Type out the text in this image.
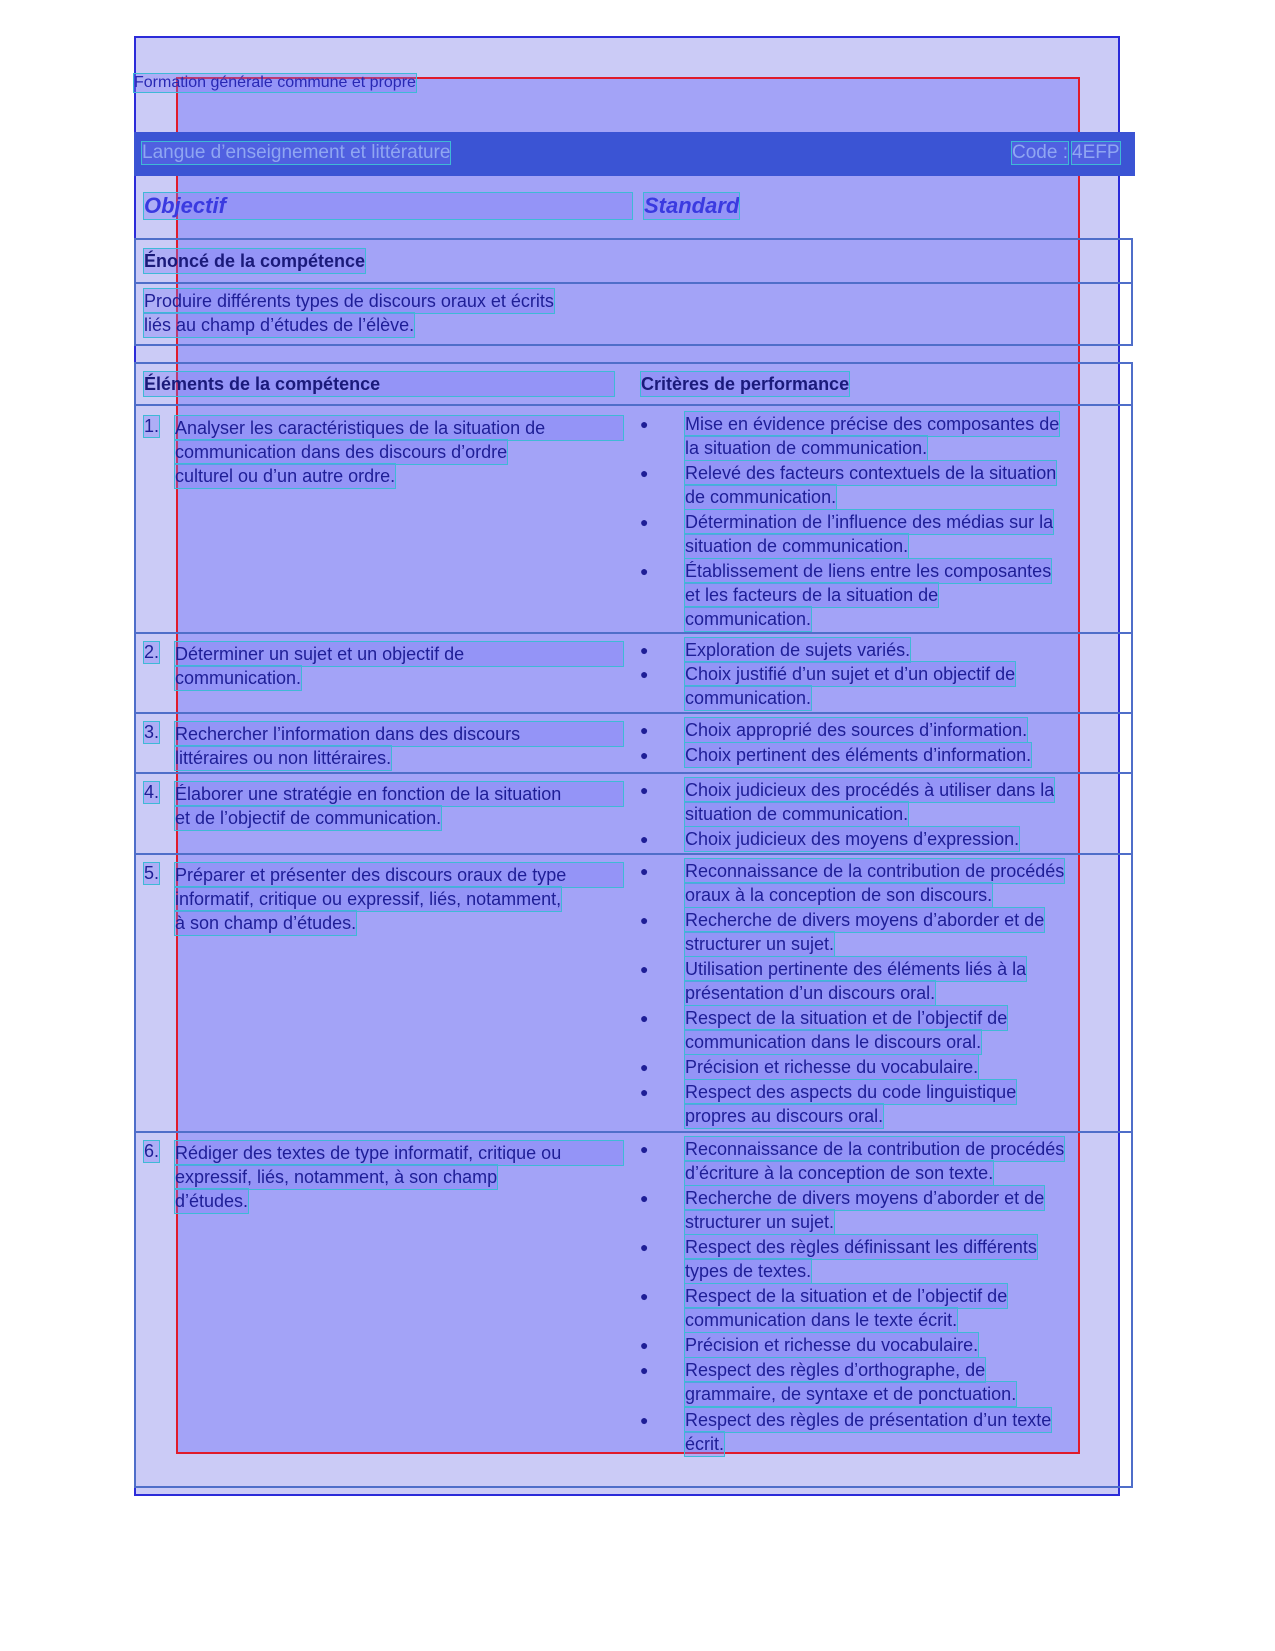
Formation générale commune et propre
Langue d’enseignement et littérature	Code : 4EFP
Objectif	Standard
Énoncé de la compétence
Produire différents types de discours oraux et écrits
liés au champ d’études de l’élève.
Éléments de la compétence	Critères de performance
1. Analyser les caractéristiques de la situation de
communication dans des discours d’ordre
culturel ou d’un autre ordre.
● Mise en évidence précise des composantes de
la situation de communication.
● Relevé des facteurs contextuels de la situation
de communication.
● Détermination de l’influence des médias sur la
situation de communication.
● Établissement de liens entre les composantes
et les facteurs de la situation de
communication.
2. Déterminer un sujet et un objectif de
communication.
● Exploration de sujets variés.
● Choix justifié d’un sujet et d’un objectif de
communication.
3. Rechercher l’information dans des discours
littéraires ou non littéraires.
● Choix approprié des sources d’information.
● Choix pertinent des éléments d’information.
4. Élaborer une stratégie en fonction de la situation
et de l’objectif de communication.
● Choix judicieux des procédés à utiliser dans la
situation de communication.
● Choix judicieux des moyens d’expression.
5. Préparer et présenter des discours oraux de type
informatif, critique ou expressif, liés, notamment,
à son champ d’études.
● Reconnaissance de la contribution de procédés
oraux à la conception de son discours.
● Recherche de divers moyens d’aborder et de
structurer un sujet.
● Utilisation pertinente des éléments liés à la
présentation d’un discours oral.
● Respect de la situation et de l’objectif de
communication dans le discours oral.
● Précision et richesse du vocabulaire.
● Respect des aspects du code linguistique
propres au discours oral.
6. Rédiger des textes de type informatif, critique ou
expressif, liés, notamment, à son champ
d’études.
● Reconnaissance de la contribution de procédés
d’écriture à la conception de son texte.
● Recherche de divers moyens d’aborder et de
structurer un sujet.
● Respect des règles définissant les différents
types de textes.
● Respect de la situation et de l’objectif de
communication dans le texte écrit.
● Précision et richesse du vocabulaire.
● Respect des règles d’orthographe, de
grammaire, de syntaxe et de ponctuation.
● Respect des règles de présentation d’un texte
écrit.
